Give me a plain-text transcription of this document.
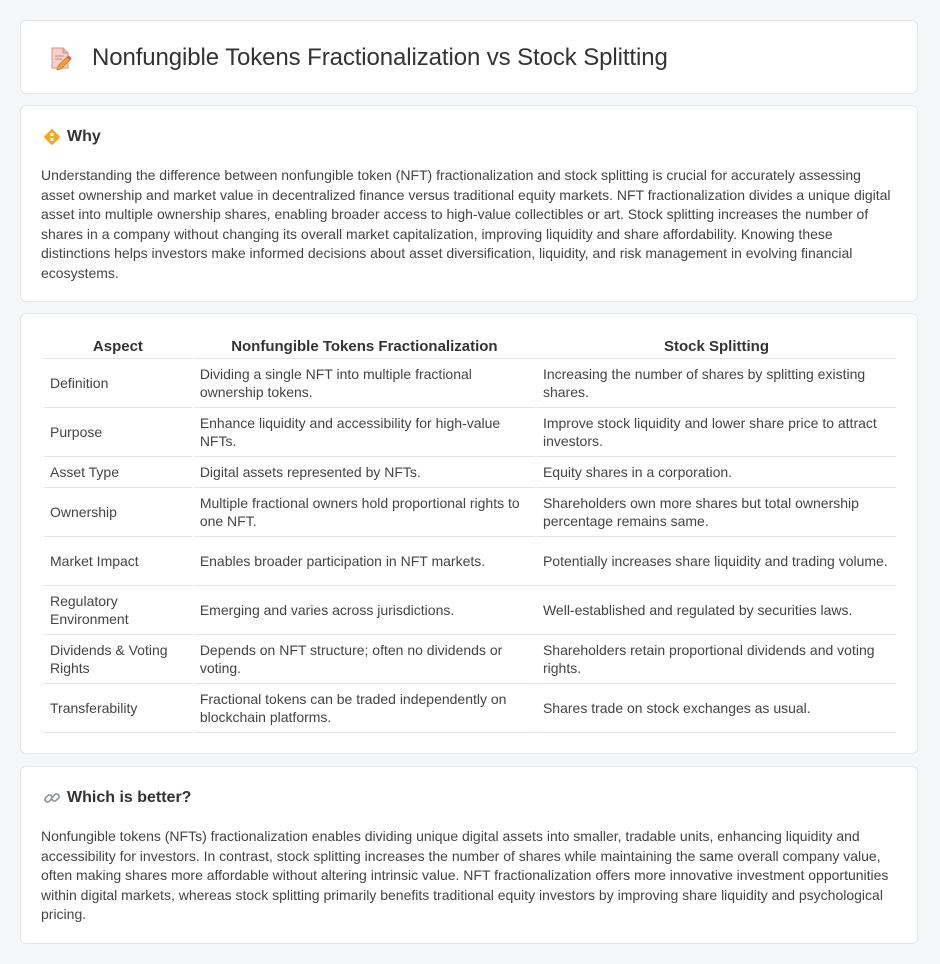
Nonfungible Tokens Fractionalization vs Stock Splitting
Why

Understanding the difference between nonfungible token (NFT) fractionalization and stock splitting is crucial for accurately assessing asset ownership and market value in decentralized finance versus traditional equity markets. NFT fractionalization divides a unique digital asset into multiple ownership shares, enabling broader access to high-value collectibles or art. Stock splitting increases the number of shares in a company without changing its overall market capitalization, improving liquidity and share affordability. Knowing these distinctions helps investors make informed decisions about asset diversification, liquidity, and risk management in evolving financial ecosystems.

Aspect	Nonfungible Tokens Fractionalization	Stock Splitting
Definition	Dividing a single NFT into multiple fractional ownership tokens.	Increasing the number of shares by splitting existing shares.
Purpose	Enhance liquidity and accessibility for high-value NFTs.	Improve stock liquidity and lower share price to attract investors.
Asset Type	Digital assets represented by NFTs.	Equity shares in a corporation.
Ownership	Multiple fractional owners hold proportional rights to one NFT.	Shareholders own more shares but total ownership percentage remains same.
Market Impact	Enables broader participation in NFT markets.	Potentially increases share liquidity and trading volume.
Regulatory Environment	Emerging and varies across jurisdictions.	Well-established and regulated by securities laws.
Dividends & Voting Rights	Depends on NFT structure; often no dividends or voting.	Shareholders retain proportional dividends and voting rights.
Transferability	Fractional tokens can be traded independently on blockchain platforms.	Shares trade on stock exchanges as usual.
Which is better?

Nonfungible tokens (NFTs) fractionalization enables dividing unique digital assets into smaller, tradable units, enhancing liquidity and accessibility for investors. In contrast, stock splitting increases the number of shares while maintaining the same overall company value, often making shares more affordable without altering intrinsic value. NFT fractionalization offers more innovative investment opportunities within digital markets, whereas stock splitting primarily benefits traditional equity investors by improving share liquidity and psychological pricing.
